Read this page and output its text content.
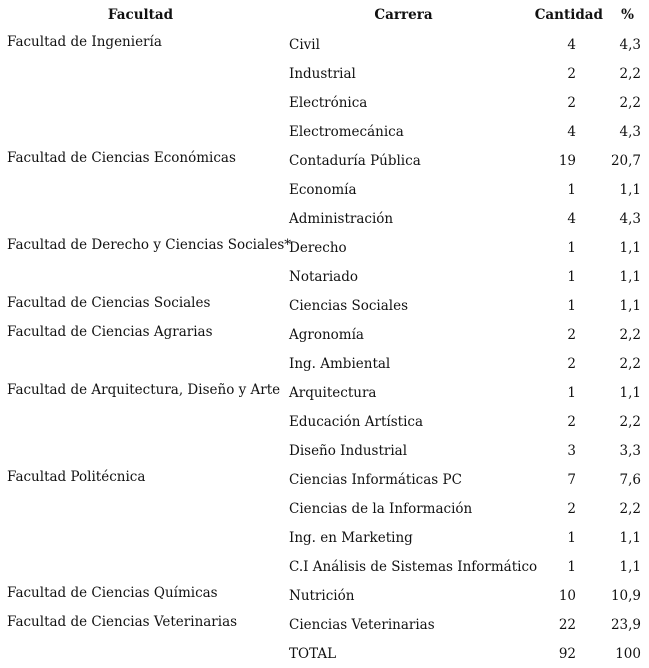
Facultad	Carrera	Cantidad	%
Facultad de Ingeniería	Civil	4	4,3
	Industrial	2	2,2
	Electrónica	2	2,2
	Electromecánica	4	4,3
Facultad de Ciencias Económicas	Contaduría Pública	19	20,7
	Economía	1	1,1
	Administración	4	4,3
Facultad de Derecho y Ciencias Sociales*	Derecho	1	1,1
	Notariado	1	1,1
Facultad de Ciencias Sociales	Ciencias Sociales	1	1,1
Facultad de Ciencias Agrarias	Agronomía	2	2,2
	Ing. Ambiental	2	2,2
Facultad de Arquitectura, Diseño y Arte	Arquitectura	1	1,1
	Educación Artística	2	2,2
	Diseño Industrial	3	3,3
Facultad Politécnica	Ciencias Informáticas PC	7	7,6
	Ciencias de la Información	2	2,2
	Ing. en Marketing	1	1,1
	C.I Análisis de Sistemas Informático	1	1,1
Facultad de Ciencias Químicas	Nutrición	10	10,9
Facultad de Ciencias Veterinarias	Ciencias Veterinarias	22	23,9
	TOTAL	92	100
